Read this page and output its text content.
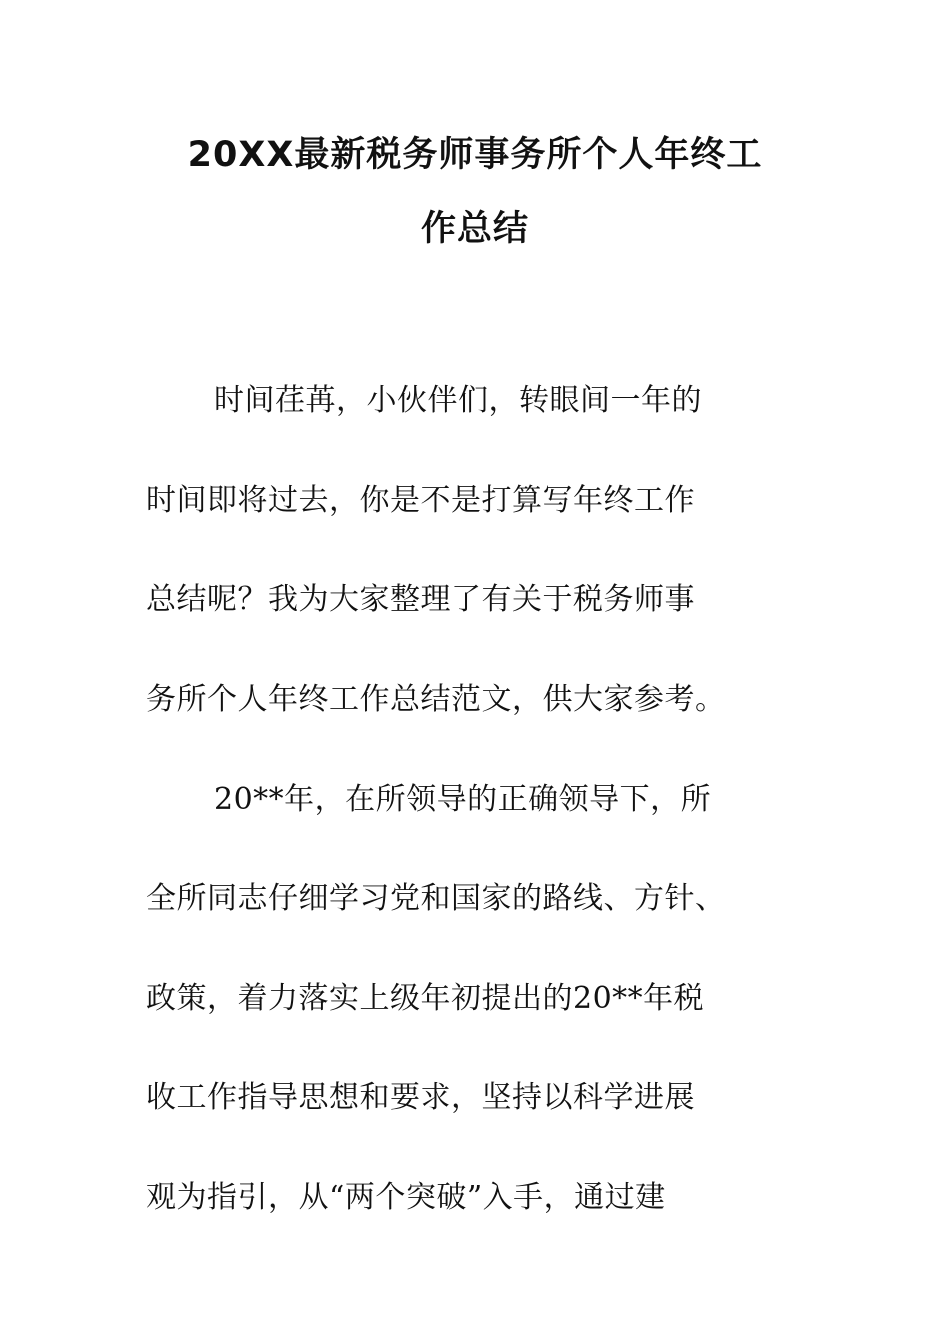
20XX最新税务师事务所个人年终工
作总结
时间荏苒，小伙伴们，转眼间一年的
时间即将过去，你是不是打算写年终工作
总结呢？我为大家整理了有关于税务师事
务所个人年终工作总结范文，供大家参考。
20**年，在所领导的正确领导下，所
全所同志仔细学习党和国家的路线、方针、
政策，着力落实上级年初提出的20**年税
收工作指导思想和要求，坚持以科学进展
观为指引，从“两个突破”入手，通过建
